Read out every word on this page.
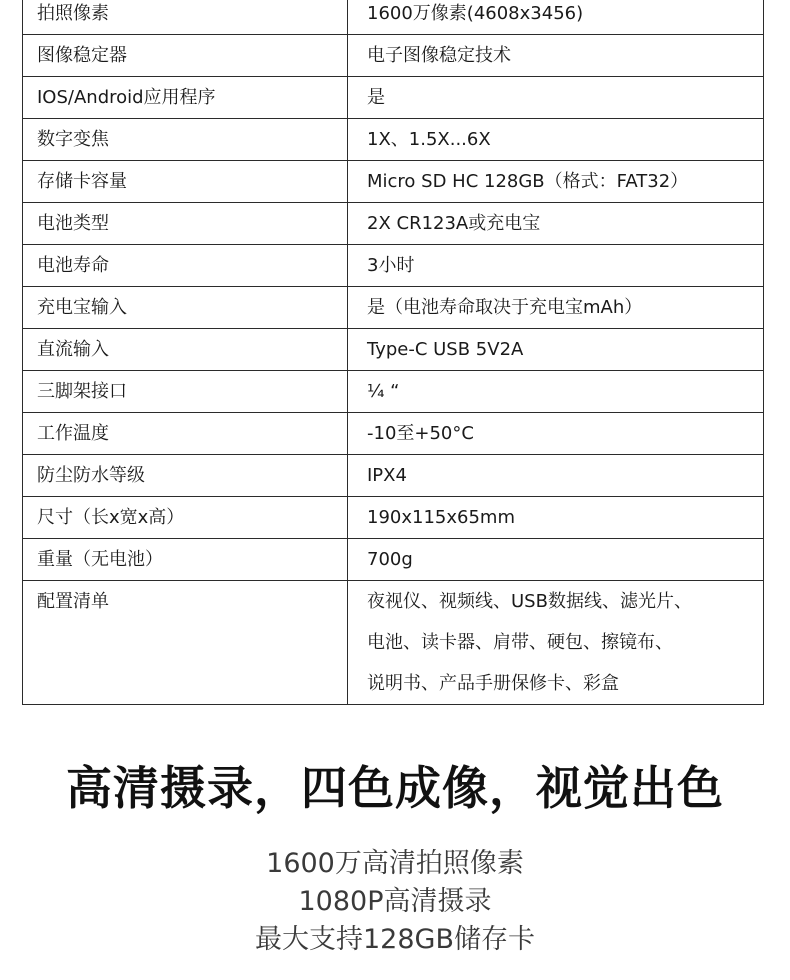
拍照像素	1600万像素(4608x3456)
图像稳定器	电子图像稳定技术
IOS/Android应用程序	是
数字变焦	1X、1.5X...6X
存储卡容量	Micro SD HC 128GB（格式：FAT32）
电池类型	2X CR123A或充电宝
电池寿命	3小时
充电宝输入	是（电池寿命取决于充电宝mAh）
直流输入	Type-C USB 5V2A
三脚架接口	¼ “
工作温度	-10至+50°C
防尘防水等级	IPX4
尺寸（长x宽x高）	190x115x65mm
重量（无电池）	700g
配置清单	夜视仪、视频线、USB数据线、滤光片、
电池、读卡器、肩带、硬包、擦镜布、
说明书、产品手册保修卡、彩盒
高清摄录，四色成像，视觉出色
1600万高清拍照像素
1080P高清摄录
最大支持128GB储存卡
